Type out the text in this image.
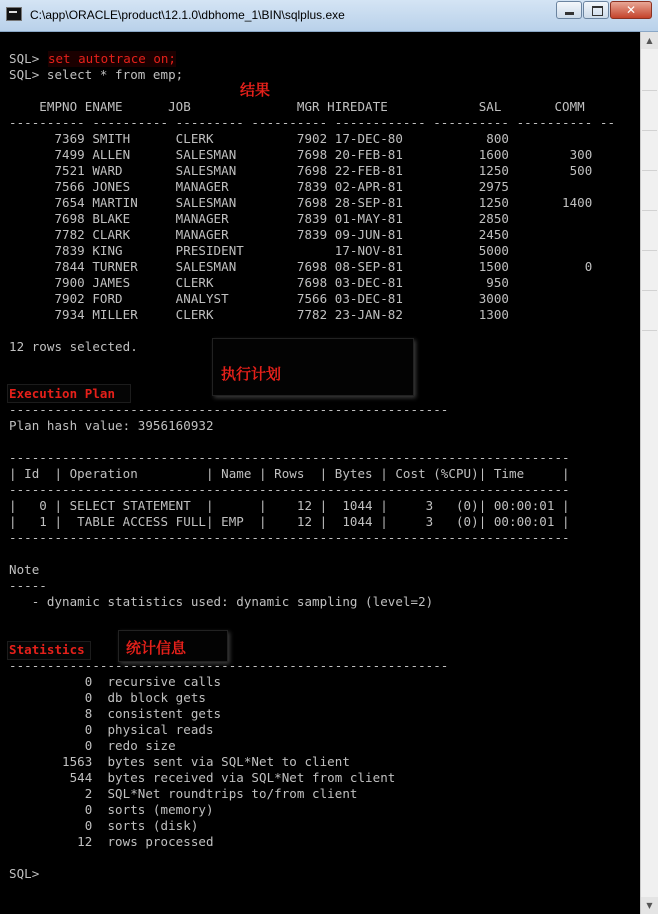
C:\app\ORACLE\product\12.1.0\dbhome_1\BIN\sqlplus.exe	✕
SQL> set autotrace on;
SQL> select * from emp;
结果
EMPNO ENAME      JOB              MGR HIREDATE            SAL       COMM
---------- ---------- --------- ---------- ------------ ---------- ---------- --
7369 SMITH      CLERK           7902 17-DEC-80           800
7499 ALLEN      SALESMAN        7698 20-FEB-81          1600        300
7521 WARD       SALESMAN        7698 22-FEB-81          1250        500
7566 JONES      MANAGER         7839 02-APR-81          2975
7654 MARTIN     SALESMAN        7698 28-SEP-81          1250       1400
7698 BLAKE      MANAGER         7839 01-MAY-81          2850
7782 CLARK      MANAGER         7839 09-JUN-81          2450
7839 KING       PRESIDENT            17-NOV-81          5000
7844 TURNER     SALESMAN        7698 08-SEP-81          1500          0
7900 JAMES      CLERK           7698 03-DEC-81           950
7902 FORD       ANALYST         7566 03-DEC-81          3000
7934 MILLER     CLERK           7782 23-JAN-82          1300
12 rows selected.
执行计划
Execution Plan
----------------------------------------------------------
Plan hash value: 3956160932
--------------------------------------------------------------------------
| Id  | Operation         | Name | Rows  | Bytes | Cost (%CPU)| Time     |
--------------------------------------------------------------------------
|   0 | SELECT STATEMENT  |      |    12 |  1044 |     3   (0)| 00:00:01 |
|   1 |  TABLE ACCESS FULL| EMP  |    12 |  1044 |     3   (0)| 00:00:01 |
--------------------------------------------------------------------------
Note
-----
- dynamic statistics used: dynamic sampling (level=2)
统计信息
Statistics
----------------------------------------------------------
0  recursive calls
0  db block gets
8  consistent gets
0  physical reads
0  redo size
1563  bytes sent via SQL*Net to client
544  bytes received via SQL*Net from client
2  SQL*Net roundtrips to/from client
0  sorts (memory)
0  sorts (disk)
12  rows processed
SQL>
▲
▼
